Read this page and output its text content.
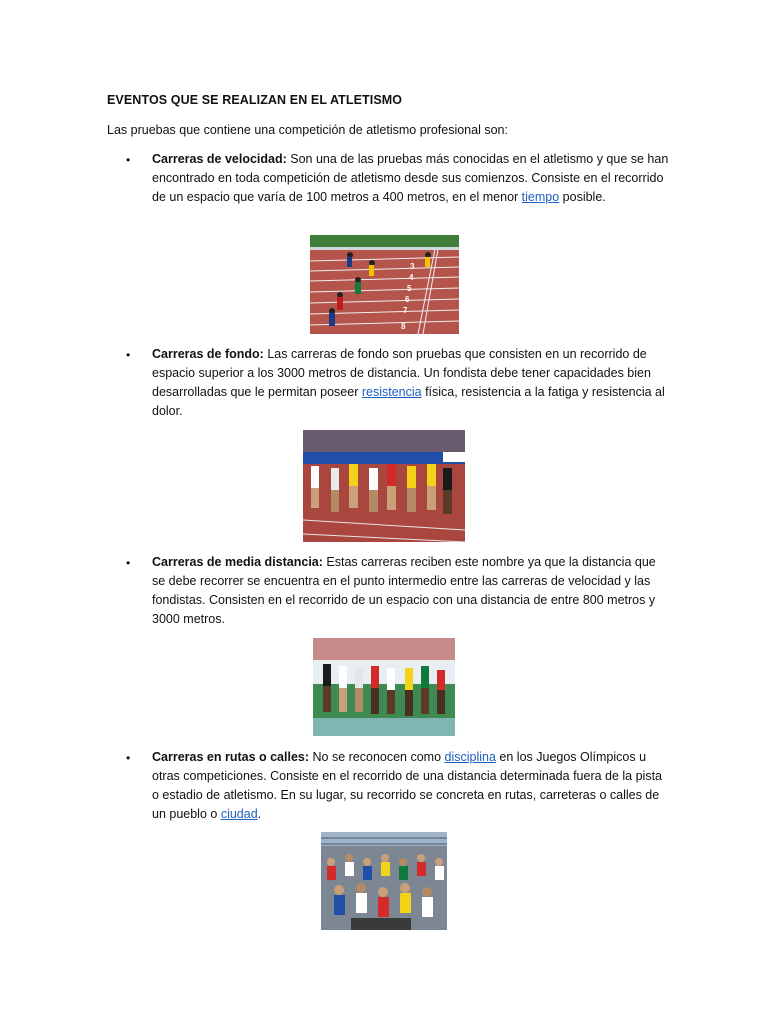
EVENTOS QUE SE REALIZAN EN EL ATLETISMO
Las pruebas que contiene una competición de atletismo profesional son:
• Carreras de velocidad: Son una de las pruebas más conocidas en el atletismo y que se han encontrado en toda competición de atletismo desde sus comienzos. Consiste en el recorrido de un espacio que varía de 100 metros a 400 metros, en el menor tiempo posible.
3
4
5
6
7
8
• Carreras de fondo: Las carreras de fondo son pruebas que consisten en un recorrido de espacio superior a los 3000 metros de distancia. Un fondista debe tener capacidades bien desarrolladas que le permitan poseer resistencia física, resistencia a la fatiga y resistencia al dolor.
• Carreras de media distancia: Estas carreras reciben este nombre ya que la distancia que se debe recorrer se encuentra en el punto intermedio entre las carreras de velocidad y las fondistas. Consisten en el recorrido de un espacio con una distancia de entre 800 metros y 3000 metros.
• Carreras en rutas o calles: No se reconocen como disciplina en los Juegos Olímpicos u otras competiciones. Consiste en el recorrido de una distancia determinada fuera de la pista o estadio de atletismo. En su lugar, su recorrido se concreta en rutas, carreteras o calles de un pueblo o ciudad.
